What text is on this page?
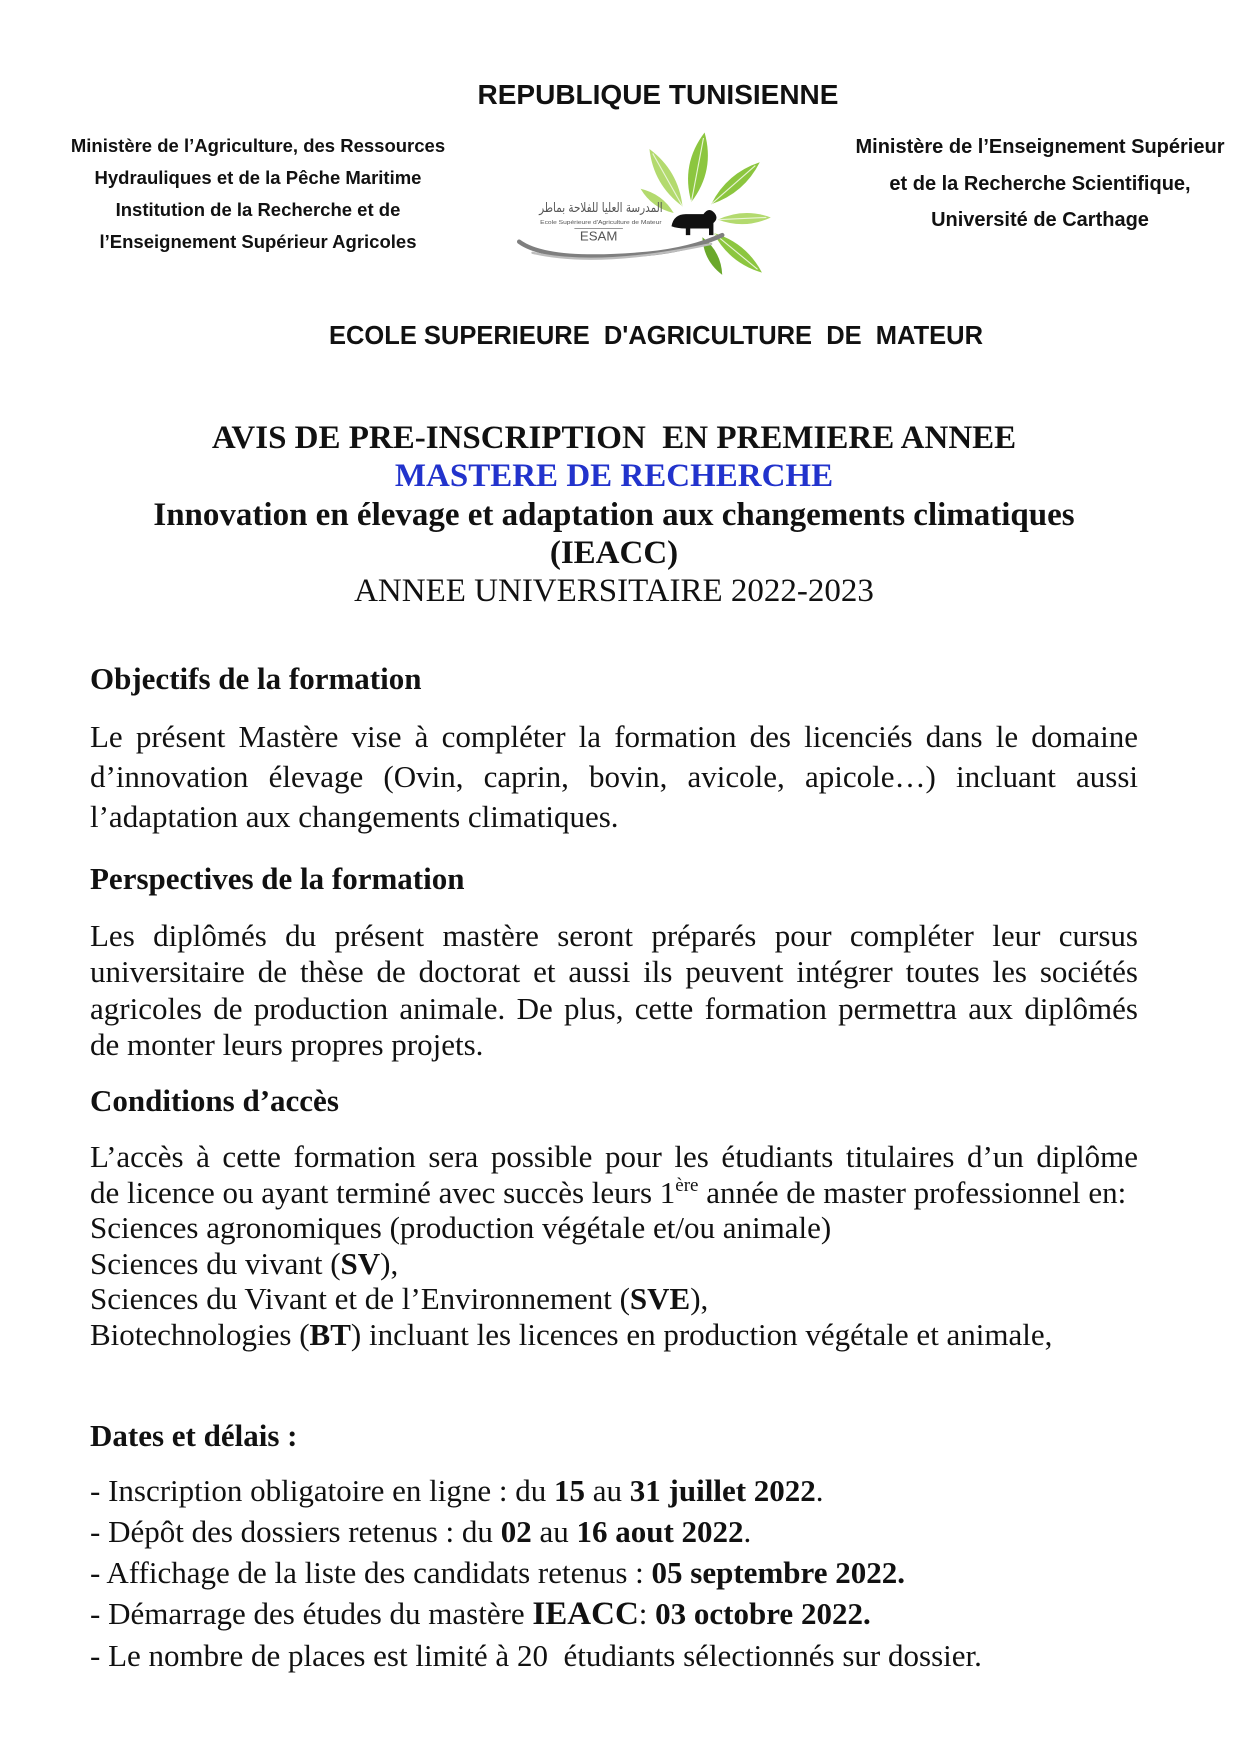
REPUBLIQUE TUNISIENNE
Ministère de l’Agriculture, des Ressources
Hydrauliques et de la Pêche Maritime
Institution de la Recherche et de
l’Enseignement Supérieur Agricoles
المدرسة العليا للفلاحة بماطر
Ecole Supérieure d'Agriculture de Mateur
ESAM
Ministère de l’Enseignement Supérieur
et de la Recherche Scientifique,
Université de Carthage
ECOLE SUPERIEURE  D'AGRICULTURE  DE  MATEUR
AVIS DE PRE-INSCRIPTION  EN PREMIERE ANNEE
MASTERE DE RECHERCHE
Innovation en élevage et adaptation aux changements climatiques
(IEACC)
ANNEE UNIVERSITAIRE 2022-2023
Objectifs de la formation
Le présent Mastère vise à compléter la formation des licenciés dans le domaine
d’innovation élevage (Ovin, caprin, bovin, avicole, apicole…) incluant aussi
l’adaptation aux changements climatiques.
Perspectives de la formation
Les diplômés du présent mastère seront préparés pour compléter leur cursus
universitaire de thèse de doctorat et aussi ils peuvent intégrer toutes les sociétés
agricoles de production animale. De plus, cette formation permettra aux diplômés
de monter leurs propres projets.
Conditions d’accès
L’accès à cette formation sera possible pour les étudiants titulaires d’un diplôme
de licence ou ayant terminé avec succès leurs 1ère année de master professionnel en:
Sciences agronomiques (production végétale et/ou animale)
Sciences du vivant (SV),
Sciences du Vivant et de l’Environnement (SVE),
Biotechnologies (BT) incluant les licences en production végétale et animale,
Dates et délais :
- Inscription obligatoire en ligne : du 15 au 31 juillet 2022.
- Dépôt des dossiers retenus : du 02 au 16 aout 2022.
- Affichage de la liste des candidats retenus : 05 septembre 2022.
- Démarrage des études du mastère IEACC: 03 octobre 2022.
- Le nombre de places est limité à 20  étudiants sélectionnés sur dossier.
